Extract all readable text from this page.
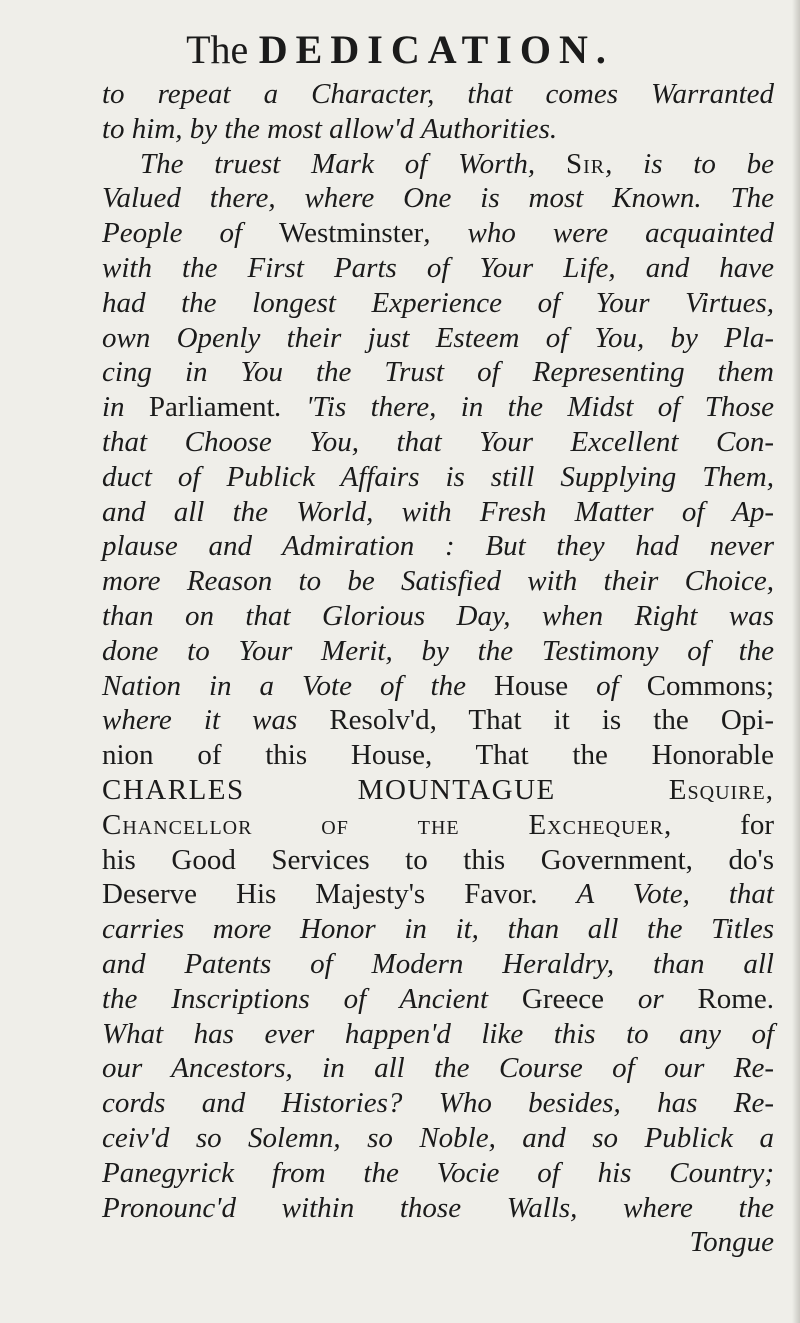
The DEDICATION.
to repeat a Character, that comes Warranted
to him, by the most allow'd Authorities.
The truest Mark of Worth, Sir, is to be
Valued there, where One is most Known. The
People of Westminster, who were acquainted
with the First Parts of Your Life, and have
had the longest Experience of Your Virtues,
own Openly their just Esteem of You, by Pla-
cing in You the Trust of Representing them
in Parliament. 'Tis there, in the Midst of Those
that Choose You, that Your Excellent Con-
duct of Publick Affairs is still Supplying Them,
and all the World, with Fresh Matter of Ap-
plause and Admiration : But they had never
more Reason to be Satisfied with their Choice,
than on that Glorious Day, when Right was
done to Your Merit, by the Testimony of the
Nation in a Vote of the House of Commons;
where it was Resolv'd, That it is the Opi-
nion of this House, That the Honorable
CHARLES MOUNTAGUE Esquire,
Chancellor of the Exchequer, for
his Good Services to this Government, do's
Deserve His Majesty's Favor. A Vote, that
carries more Honor in it, than all the Titles
and Patents of Modern Heraldry, than all
the Inscriptions of Ancient Greece or Rome.
What has ever happen'd like this to any of
our Ancestors, in all the Course of our Re-
cords and Histories? Who besides, has Re-
ceiv'd so Solemn, so Noble, and so Publick a
Panegyrick from the Vocie of his Country;
Pronounc'd within those Walls, where the
Tongue
